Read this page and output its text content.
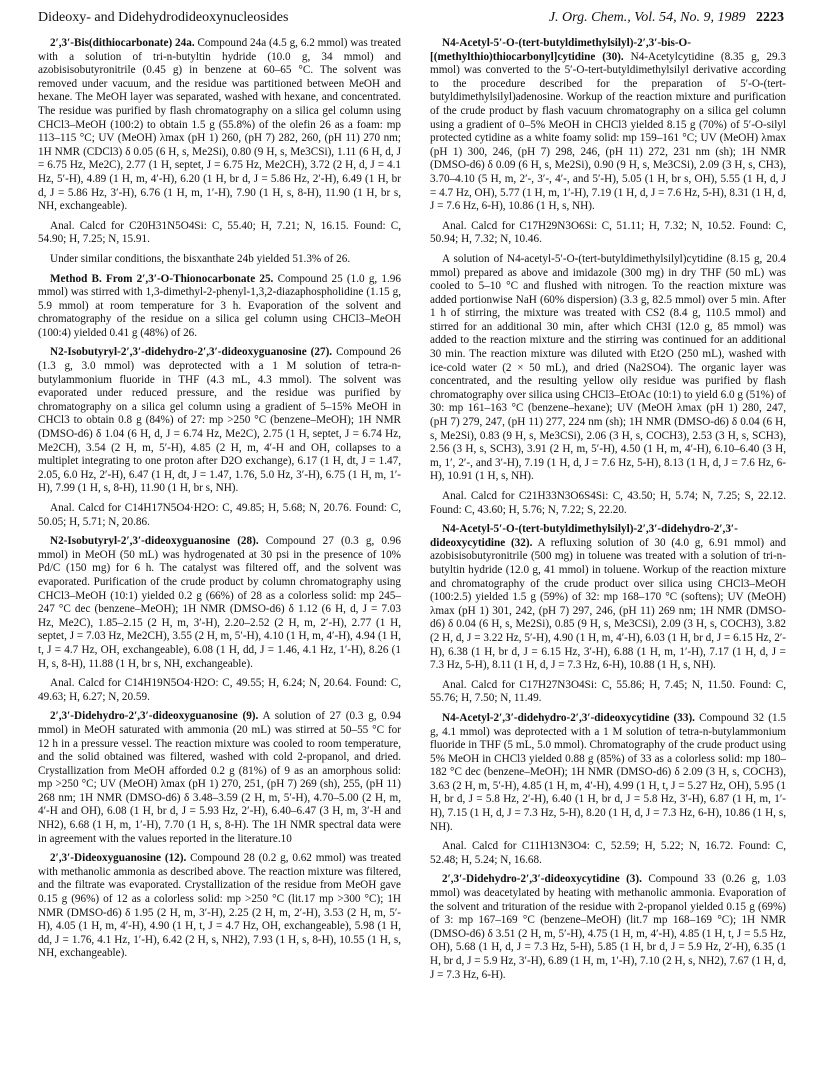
Dideoxy- and Didehydrodideoxynucleosides	J. Org. Chem., Vol. 54, No. 9, 1989 2223

2′,3′-Bis(dithiocarbonate) 24a. Compound 24a (4.5 g, 6.2 mmol) was treated with a solution of tri-n-butyltin hydride (10.0 g, 34 mmol) and azobisisobutyronitrile (0.45 g) in benzene at 60–65 °C. The solvent was removed under vacuum, and the residue was partitioned between MeOH and hexane. The MeOH layer was separated, washed with hexane, and concentrated. The residue was purified by flash chromatography on a silica gel column using CHCl3–MeOH (100:2) to obtain 1.5 g (55.8%) of the olefin 26 as a foam: mp 113–115 °C; UV (MeOH) λmax (pH 1) 260, (pH 7) 282, 260, (pH 11) 270 nm; 1H NMR (CDCl3) δ 0.05 (6 H, s, Me2Si), 0.80 (9 H, s, Me3CSi), 1.11 (6 H, d, J = 6.75 Hz, Me2C), 2.77 (1 H, septet, J = 6.75 Hz, Me2CH), 3.72 (2 H, d, J = 4.1 Hz, 5′-H), 4.89 (1 H, m, 4′-H), 6.20 (1 H, br d, J = 5.86 Hz, 2′-H), 6.49 (1 H, br d, J = 5.86 Hz, 3′-H), 6.76 (1 H, m, 1′-H), 7.90 (1 H, s, 8-H), 11.90 (1 H, br s, NH, exchangeable).

Anal. Calcd for C20H31N5O4Si: C, 55.40; H, 7.21; N, 16.15. Found: C, 54.90; H, 7.25; N, 15.91.

Under similar conditions, the bisxanthate 24b yielded 51.3% of 26.

Method B. From 2′,3′-O-Thionocarbonate 25. Compound 25 (1.0 g, 1.96 mmol) was stirred with 1,3-dimethyl-2-phenyl-1,3,2-diazaphospholidine (1.15 g, 5.9 mmol) at room temperature for 3 h. Evaporation of the solvent and chromatography of the residue on a silica gel column using CHCl3–MeOH (100:4) yielded 0.41 g (48%) of 26.

N2-Isobutyryl-2′,3′-didehydro-2′,3′-dideoxyguanosine (27). Compound 26 (1.3 g, 3.0 mmol) was deprotected with a 1 M solution of tetra-n-butylammonium fluoride in THF (4.3 mL, 4.3 mmol). The solvent was evaporated under reduced pressure, and the residue was purified by chromatography on a silica gel column using a gradient of 5–15% MeOH in CHCl3 to obtain 0.8 g (84%) of 27: mp >250 °C (benzene–MeOH); 1H NMR (DMSO-d6) δ 1.04 (6 H, d, J = 6.74 Hz, Me2C), 2.75 (1 H, septet, J = 6.74 Hz, Me2CH), 3.54 (2 H, m, 5′-H), 4.85 (2 H, m, 4′-H and OH, collapses to a multiplet integrating to one proton after D2O exchange), 6.17 (1 H, dt, J = 1.47, 2.05, 6.0 Hz, 2′-H), 6.47 (1 H, dt, J = 1.47, 1.76, 5.0 Hz, 3′-H), 6.75 (1 H, m, 1′-H), 7.99 (1 H, s, 8-H), 11.90 (1 H, br s, NH).

Anal. Calcd for C14H17N5O4·H2O: C, 49.85; H, 5.68; N, 20.76. Found: C, 50.05; H, 5.71; N, 20.86.

N2-Isobutyryl-2′,3′-dideoxyguanosine (28). Compound 27 (0.3 g, 0.96 mmol) in MeOH (50 mL) was hydrogenated at 30 psi in the presence of 10% Pd/C (150 mg) for 6 h. The catalyst was filtered off, and the solvent was evaporated. Purification of the crude product by column chromatography using CHCl3–MeOH (10:1) yielded 0.2 g (66%) of 28 as a colorless solid: mp 245–247 °C dec (benzene–MeOH); 1H NMR (DMSO-d6) δ 1.12 (6 H, d, J = 7.03 Hz, Me2C), 1.85–2.15 (2 H, m, 3′-H), 2.20–2.52 (2 H, m, 2′-H), 2.77 (1 H, septet, J = 7.03 Hz, Me2CH), 3.55 (2 H, m, 5′-H), 4.10 (1 H, m, 4′-H), 4.94 (1 H, t, J = 4.7 Hz, OH, exchangeable), 6.08 (1 H, dd, J = 1.46, 4.1 Hz, 1′-H), 8.26 (1 H, s, 8-H), 11.88 (1 H, br s, NH, exchangeable).

Anal. Calcd for C14H19N5O4·H2O: C, 49.55; H, 6.24; N, 20.64. Found: C, 49.63; H, 6.27; N, 20.59.

2′,3′-Didehydro-2′,3′-dideoxyguanosine (9). A solution of 27 (0.3 g, 0.94 mmol) in MeOH saturated with ammonia (20 mL) was stirred at 50–55 °C for 12 h in a pressure vessel. The reaction mixture was cooled to room temperature, and the solid obtained was filtered, washed with cold 2-propanol, and dried. Crystallization from MeOH afforded 0.2 g (81%) of 9 as an amorphous solid: mp >250 °C; UV (MeOH) λmax (pH 1) 270, 251, (pH 7) 269 (sh), 255, (pH 11) 268 nm; 1H NMR (DMSO-d6) δ 3.48–3.59 (2 H, m, 5′-H), 4.70–5.00 (2 H, m, 4′-H and OH), 6.08 (1 H, br d, J = 5.93 Hz, 2′-H), 6.40–6.47 (3 H, m, 3′-H and NH2), 6.68 (1 H, m, 1′-H), 7.70 (1 H, s, 8-H). The 1H NMR spectral data were in agreement with the values reported in the literature.10

2′,3′-Dideoxyguanosine (12). Compound 28 (0.2 g, 0.62 mmol) was treated with methanolic ammonia as described above. The reaction mixture was filtered, and the filtrate was evaporated. Crystallization of the residue from MeOH gave 0.15 g (96%) of 12 as a colorless solid: mp >250 °C (lit.17 mp >300 °C); 1H NMR (DMSO-d6) δ 1.95 (2 H, m, 3′-H), 2.25 (2 H, m, 2′-H), 3.53 (2 H, m, 5′-H), 4.05 (1 H, m, 4′-H), 4.90 (1 H, t, J = 4.7 Hz, OH, exchangeable), 5.98 (1 H, dd, J = 1.76, 4.1 Hz, 1′-H), 6.42 (2 H, s, NH2), 7.93 (1 H, s, 8-H), 10.55 (1 H, s, NH, exchangeable).

N4-Acetyl-5′-O-(tert-butyldimethylsilyl)-2′,3′-bis-O-[(methylthio)thiocarbonyl]cytidine (30). N4-Acetylcytidine (8.35 g, 29.3 mmol) was converted to the 5′-O-tert-butyldimethylsilyl derivative according to the procedure described for the preparation of 5′-O-(tert-butyldimethylsilyl)adenosine. Workup of the reaction mixture and purification of the crude product by flash vacuum chromatography on a silica gel column using a gradient of 0–5% MeOH in CHCl3 yielded 8.15 g (70%) of 5′-O-silyl protected cytidine as a white foamy solid: mp 159–161 °C; UV (MeOH) λmax (pH 1) 300, 246, (pH 7) 298, 246, (pH 11) 272, 231 nm (sh); 1H NMR (DMSO-d6) δ 0.09 (6 H, s, Me2Si), 0.90 (9 H, s, Me3CSi), 2.09 (3 H, s, CH3), 3.70–4.10 (5 H, m, 2′-, 3′-, 4′-, and 5′-H), 5.05 (1 H, br s, OH), 5.55 (1 H, d, J = 4.7 Hz, OH), 5.77 (1 H, m, 1′-H), 7.19 (1 H, d, J = 7.6 Hz, 5-H), 8.31 (1 H, d, J = 7.6 Hz, 6-H), 10.86 (1 H, s, NH).

Anal. Calcd for C17H29N3O6Si: C, 51.11; H, 7.32; N, 10.52. Found: C, 50.94; H, 7.32; N, 10.46.

A solution of N4-acetyl-5′-O-(tert-butyldimethylsilyl)cytidine (8.15 g, 20.4 mmol) prepared as above and imidazole (300 mg) in dry THF (50 mL) was cooled to 5–10 °C and flushed with nitrogen. To the reaction mixture was added portionwise NaH (60% dispersion) (3.3 g, 82.5 mmol) over 5 min. After 1 h of stirring, the mixture was treated with CS2 (8.4 g, 110.5 mmol) and stirred for an additional 30 min, after which CH3I (12.0 g, 85 mmol) was added to the reaction mixture and the stirring was continued for an additional 30 min. The reaction mixture was diluted with Et2O (250 mL), washed with ice-cold water (2 × 50 mL), and dried (Na2SO4). The organic layer was concentrated, and the resulting yellow oily residue was purified by flash chromatography over silica using CHCl3–EtOAc (10:1) to yield 6.0 g (51%) of 30: mp 161–163 °C (benzene–hexane); UV (MeOH λmax (pH 1) 280, 247, (pH 7) 279, 247, (pH 11) 277, 224 nm (sh); 1H NMR (DMSO-d6) δ 0.04 (6 H, s, Me2Si), 0.83 (9 H, s, Me3CSi), 2.06 (3 H, s, COCH3), 2.53 (3 H, s, SCH3), 2.56 (3 H, s, SCH3), 3.91 (2 H, m, 5′-H), 4.50 (1 H, m, 4′-H), 6.10–6.40 (3 H, m, 1′, 2′-, and 3′-H), 7.19 (1 H, d, J = 7.6 Hz, 5-H), 8.13 (1 H, d, J = 7.6 Hz, 6-H), 10.91 (1 H, s, NH).

Anal. Calcd for C21H33N3O6S4Si: C, 43.50; H, 5.74; N, 7.25; S, 22.12. Found: C, 43.60; H, 5.76; N, 7.22; S, 22.20.

N4-Acetyl-5′-O-(tert-butyldimethylsilyl)-2′,3′-didehydro-2′,3′-dideoxycytidine (32). A refluxing solution of 30 (4.0 g, 6.91 mmol) and azobisisobutyronitrile (500 mg) in toluene was treated with a solution of tri-n-butyltin hydride (12.0 g, 41 mmol) in toluene. Workup of the reaction mixture and chromatography of the crude product over silica using CHCl3–MeOH (100:2.5) yielded 1.5 g (59%) of 32: mp 168–170 °C (softens); UV (MeOH) λmax (pH 1) 301, 242, (pH 7) 297, 246, (pH 11) 269 nm; 1H NMR (DMSO-d6) δ 0.04 (6 H, s, Me2Si), 0.85 (9 H, s, Me3CSi), 2.09 (3 H, s, COCH3), 3.82 (2 H, d, J = 3.22 Hz, 5′-H), 4.90 (1 H, m, 4′-H), 6.03 (1 H, br d, J = 6.15 Hz, 2′-H), 6.38 (1 H, br d, J = 6.15 Hz, 3′-H), 6.88 (1 H, m, 1′-H), 7.17 (1 H, d, J = 7.3 Hz, 5-H), 8.11 (1 H, d, J = 7.3 Hz, 6-H), 10.88 (1 H, s, NH).

Anal. Calcd for C17H27N3O4Si: C, 55.86; H, 7.45; N, 11.50. Found: C, 55.76; H, 7.50; N, 11.49.

N4-Acetyl-2′,3′-didehydro-2′,3′-dideoxycytidine (33). Compound 32 (1.5 g, 4.1 mmol) was deprotected with a 1 M solution of tetra-n-butylammonium fluoride in THF (5 mL, 5.0 mmol). Chromatography of the crude product using 5% MeOH in CHCl3 yielded 0.88 g (85%) of 33 as a colorless solid: mp 180–182 °C dec (benzene–MeOH); 1H NMR (DMSO-d6) δ 2.09 (3 H, s, COCH3), 3.63 (2 H, m, 5′-H), 4.85 (1 H, m, 4′-H), 4.99 (1 H, t, J = 5.27 Hz, OH), 5.95 (1 H, br d, J = 5.8 Hz, 2′-H), 6.40 (1 H, br d, J = 5.8 Hz, 3′-H), 6.87 (1 H, m, 1′-H), 7.15 (1 H, d, J = 7.3 Hz, 5-H), 8.20 (1 H, d, J = 7.3 Hz, 6-H), 10.86 (1 H, s, NH).

Anal. Calcd for C11H13N3O4: C, 52.59; H, 5.22; N, 16.72. Found: C, 52.48; H, 5.24; N, 16.68.

2′,3′-Didehydro-2′,3′-dideoxycytidine (3). Compound 33 (0.26 g, 1.03 mmol) was deacetylated by heating with methanolic ammonia. Evaporation of the solvent and trituration of the residue with 2-propanol yielded 0.15 g (69%) of 3: mp 167–169 °C (benzene–MeOH) (lit.7 mp 168–169 °C); 1H NMR (DMSO-d6) δ 3.51 (2 H, m, 5′-H), 4.75 (1 H, m, 4′-H), 4.85 (1 H, t, J = 5.5 Hz, OH), 5.68 (1 H, d, J = 7.3 Hz, 5-H), 5.85 (1 H, br d, J = 5.9 Hz, 2′-H), 6.35 (1 H, br d, J = 5.9 Hz, 3′-H), 6.89 (1 H, m, 1′-H), 7.10 (2 H, s, NH2), 7.67 (1 H, d, J = 7.3 Hz, 6-H).
